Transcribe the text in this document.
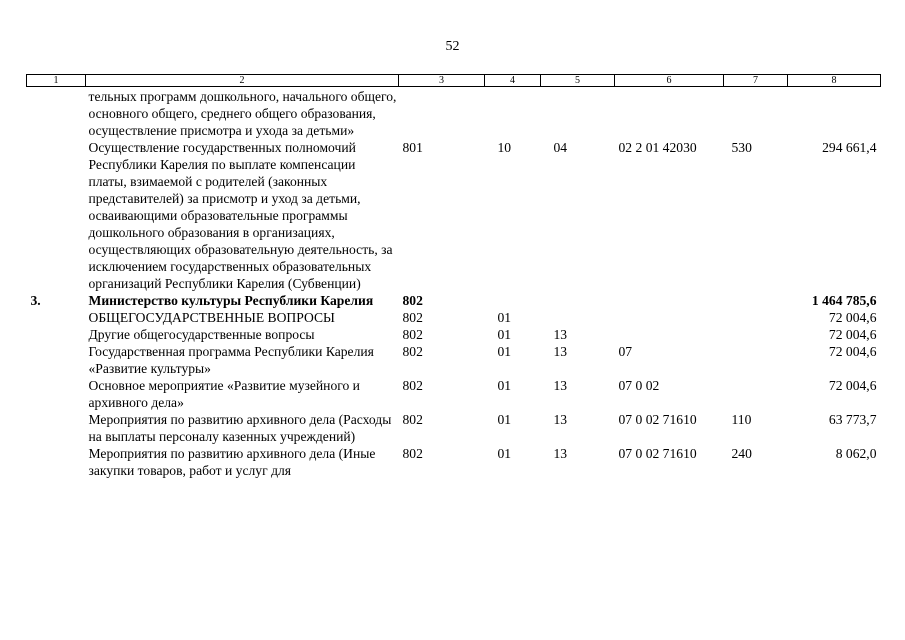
52
1	2	3	4	5	6	7	8
	тельных программ дошкольного, начального общего, основного общего, среднего общего образования, осуществление присмотра и ухода за детьми»						
	Осуществление государственных полномочий Республики Карелия по выплате компенсации платы, взимаемой с родителей (законных представителей) за присмотр и уход за детьми, осваивающими образовательные программы дошкольного образования в организациях, осуществляющих образовательную деятельность, за исключением государственных образовательных организаций Республики Карелия (Субвенции)	801	10	04	02 2 01 42030	530	294 661,4
3.	Министерство культуры Республики Карелия	802					1 464 785,6
	ОБЩЕГОСУДАРСТВЕННЫЕ ВОПРОСЫ	802	01				72 004,6
	Другие общегосударственные вопросы	802	01	13			72 004,6
	Государственная программа Республики Карелия «Развитие культуры»	802	01	13	07		72 004,6
	Основное мероприятие «Развитие музейного и архивного дела»	802	01	13	07 0 02		72 004,6
	Мероприятия по развитию архивного дела (Расходы на выплаты персоналу казенных учреждений)	802	01	13	07 0 02 71610	110	63 773,7
	Мероприятия по развитию архивного дела (Иные закупки товаров, работ и услуг для	802	01	13	07 0 02 71610	240	8 062,0
